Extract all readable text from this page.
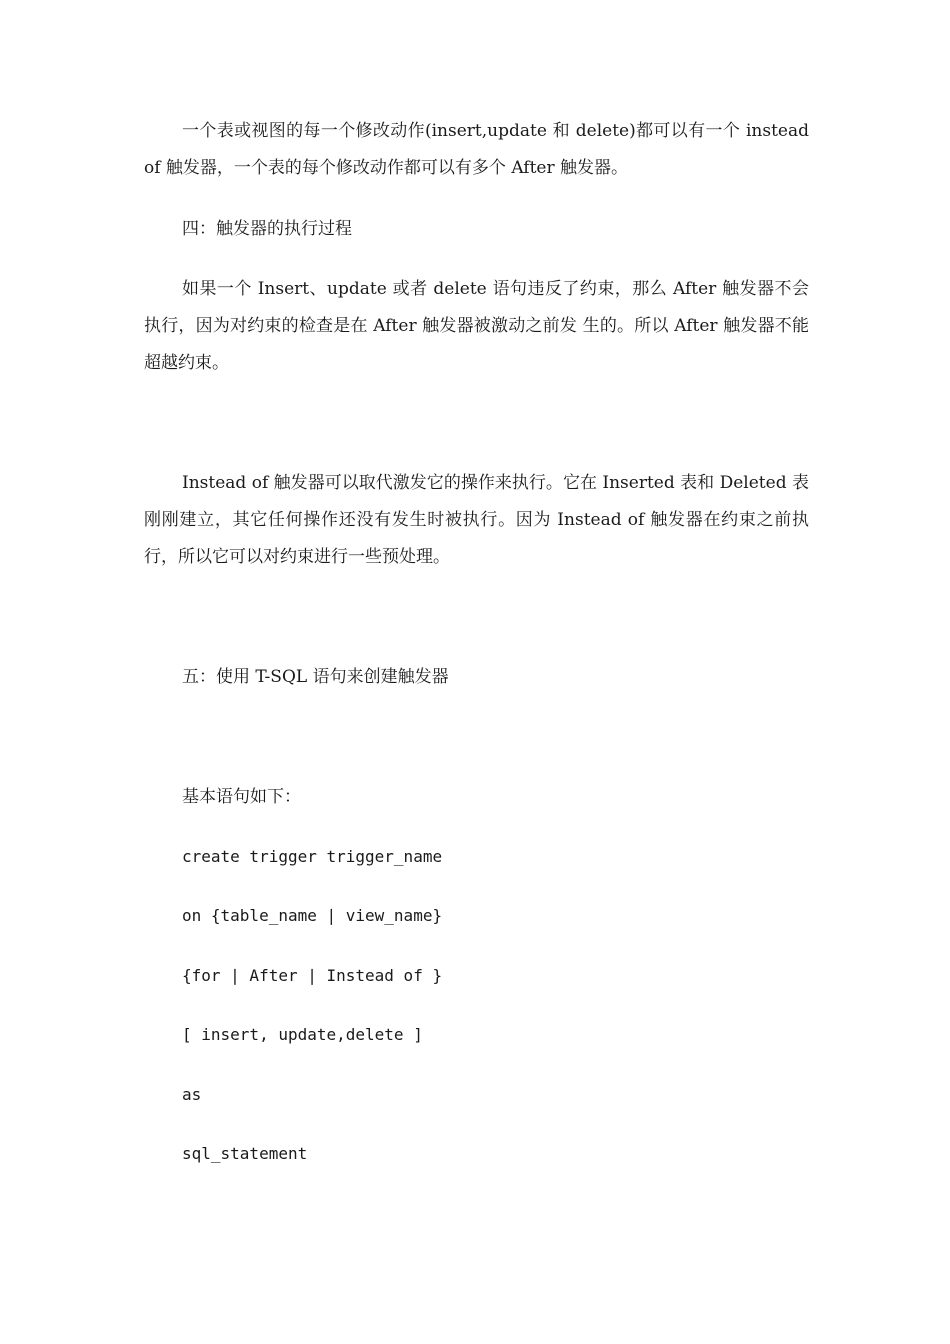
一个表或视图的每一个修改动作(insert,update 和 delete)都可以有一个 instead of 触发器，一个表的每个修改动作都可以有多个 After 触发器。

四：触发器的执行过程

如果一个 Insert、update 或者 delete 语句违反了约束，那么 After 触发器不会执行，因为对约束的检查是在 After 触发器被激动之前发 生的。所以 After 触发器不能超越约束。

Instead of 触发器可以取代激发它的操作来执行。它在 Inserted 表和 Deleted 表刚刚建立，其它任何操作还没有发生时被执行。因为 Instead of 触发器在约束之前执行，所以它可以对约束进行一些预处理。

五：使用 T-SQL 语句来创建触发器

基本语句如下：

create trigger trigger_name

on {table_name ∣ view_name}

{for ∣ After ∣ Instead of }

[ insert, update,delete ]

as

sql_statement
